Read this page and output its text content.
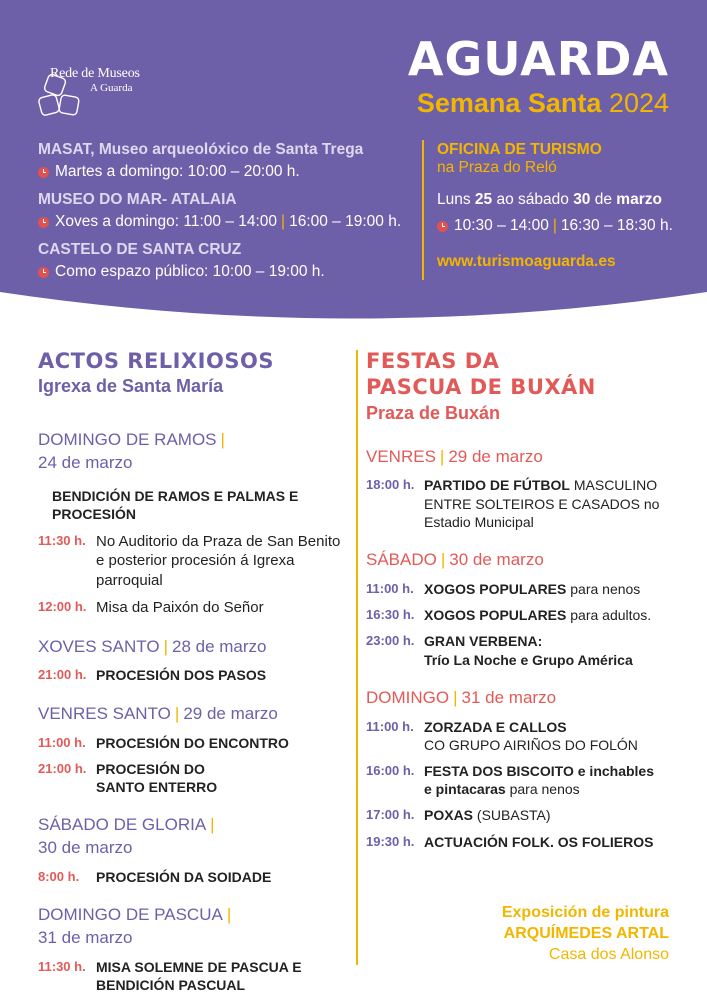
Rede de Museos
A Guarda
AGUARDA
Semana Santa 2024
MASAT, Museo arqueolóxico de Santa Trega
Martes a domingo: 10:00 – 20:00 h.
MUSEO DO MAR- ATALAIA
Xoves a domingo: 11:00 – 14:00 | 16:00 – 19:00 h.
CASTELO DE SANTA CRUZ
Como espazo público: 10:00 – 19:00 h.
OFICINA DE TURISMO
na Praza do Reló
Luns 25 ao sábado 30 de marzo
10:30 – 14:00 | 16:30 – 18:30 h.
www.turismoaguarda.es
ACTOS RELIXIOSOS
Igrexa de Santa María
DOMINGO DE RAMOS |
24 de marzo
BENDICIÓN DE RAMOS E PALMAS E PROCESIÓN
11:30 h. No Auditorio da Praza de San Benito e posterior procesión á Igrexa parroquial
12:00 h. Misa da Paixón do Señor
XOVES SANTO | 28 de marzo
21:00 h. PROCESIÓN DOS PASOS
VENRES SANTO | 29 de marzo
11:00 h. PROCESIÓN DO ENCONTRO
21:00 h. PROCESIÓN DO SANTO ENTERRO
SÁBADO DE GLORIA |
30 de marzo
8:00 h.	PROCESIÓN DA SOIDADE
DOMINGO DE PASCUA |
31 de marzo
11:30 h. MISA SOLEMNE DE PASCUA E BENDICIÓN PASCUAL
FESTAS DA
PASCUA DE BUXÁN
Praza de Buxán
VENRES | 29 de marzo
18:00 h. PARTIDO DE FÚTBOL MASCULINO ENTRE SOLTEIROS E CASADOS no Estadio Municipal
SÁBADO | 30 de marzo
11:00 h. XOGOS POPULARES para nenos
16:30 h. XOGOS POPULARES para adultos.
23:00 h. GRAN VERBENA:
Trío La Noche e Grupo América
DOMINGO | 31 de marzo
11:00 h. ZORZADA E CALLOS
CO GRUPO AIRIÑOS DO FOLÓN
16:00 h. FESTA DOS BISCOITO e inchables e pintacaras para nenos
17:00 h. POXAS (SUBASTA)
19:30 h. ACTUACIÓN FOLK. OS FOLIEROS
Exposición de pintura
ARQUÍMEDES ARTAL
Casa dos Alonso
